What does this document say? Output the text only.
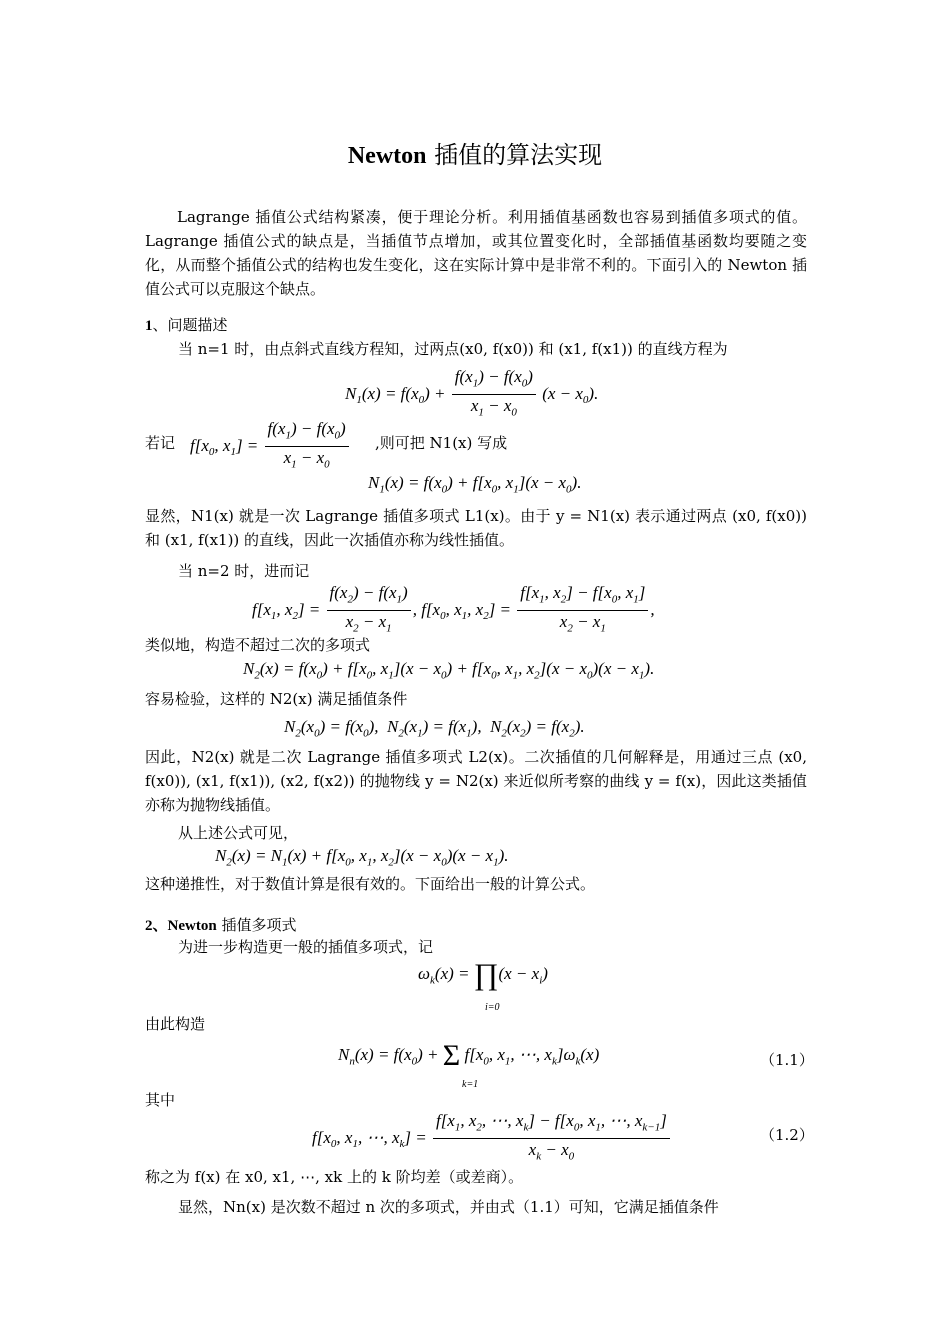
Newton 插值的算法实现
Lagrange 插值公式结构紧凑，便于理论分析。利用插值基函数也容易到插值多项式的值。Lagrange 插值公式的缺点是，当插值节点增加，或其位置变化时，全部插值基函数均要随之变化，从而整个插值公式的结构也发生变化，这在实际计算中是非常不利的。下面引入的 Newton 插值公式可以克服这个缺点。
1、问题描述
当 n=1 时，由点斜式直线方程知，过两点(x0, f(x0)) 和 (x1, f(x1)) 的直线方程为
$N_1(x) = f(x_0) + \frac{f(x_1) - f(x_0)}{x_1 - x_0} (x - x_0)$.
若记 $f[x_0$, $x_1] = \frac{f(x_1) - f(x_0)}{x_1 - x_0}$ ,则可把 N1(x) 写成
$N_1(x) = f(x_0) + f[x_0$, $x_1](x - x_0)$.
显然，N1(x) 就是一次 Lagrange 插值多项式 L1(x)。由于 y = N1(x) 表示通过两点 (x0, f(x0)) 和 (x1, f(x1)) 的直线，因此一次插值亦称为线性插值。
当 n=2 时，进而记
$f[x_1$, $x_2] = \frac{f(x_2) - f(x_1)}{x_2 - x_1}$ , $f[x_0$, $x_1$, $x_2] = \frac{f[x_1, x_2] - f[x_0, x_1]}{x_2 - x_1}$ ,
类似地，构造不超过二次的多项式
$N_2(x) = f(x_0) + f[x_0$, $x_1](x - x_0) + f[x_0$, $x_1$, $x_2](x - x_0)(x - x_1)$.
容易检验，这样的 N2(x) 满足插值条件
$N_2(x_0) = f(x_0)$,  $N_2(x_1) = f(x_1)$,  $N_2(x_2) = f(x_2)$.
因此，N2(x) 就是二次 Lagrange 插值多项式 L2(x)。二次插值的几何解释是，用通过三点 (x0, f(x0)), (x1, f(x1)), (x2, f(x2)) 的抛物线 y = N2(x) 来近似所考察的曲线 y = f(x)，因此这类插值亦称为抛物线插值。
从上述公式可见，
$N_2(x) = N_1(x) + f[x_0$, $x_1$, $x_2](x - x_0)(x - x_1)$.
这种递推性，对于数值计算是很有效的。下面给出一般的计算公式。
2、Newton 插值多项式
为进一步构造更一般的插值多项式，记
$\omega_k(x)$ = ∏(x − $x_i$)
i=0
由此构造
$N_n(x) = f(x_0) + \Sigma$ $f[x_0$, $x_1$, ⋯, $x_k]\omega_k(x)$
k=1
（1.1）
其中
$f[x_0$, $x_1$, ⋯, $x_k] = \frac{f[x_1, x_2, \cdots, x_k] - f[x_0, x_1, \cdots, x_{k-1}]}{x_k - x_0}$	（1.2）
称之为 f(x) 在 x0, x1, ⋯, xk 上的 k 阶均差（或差商）。
显然，Nn(x) 是次数不超过 n 次的多项式，并由式（1.1）可知，它满足插值条件
